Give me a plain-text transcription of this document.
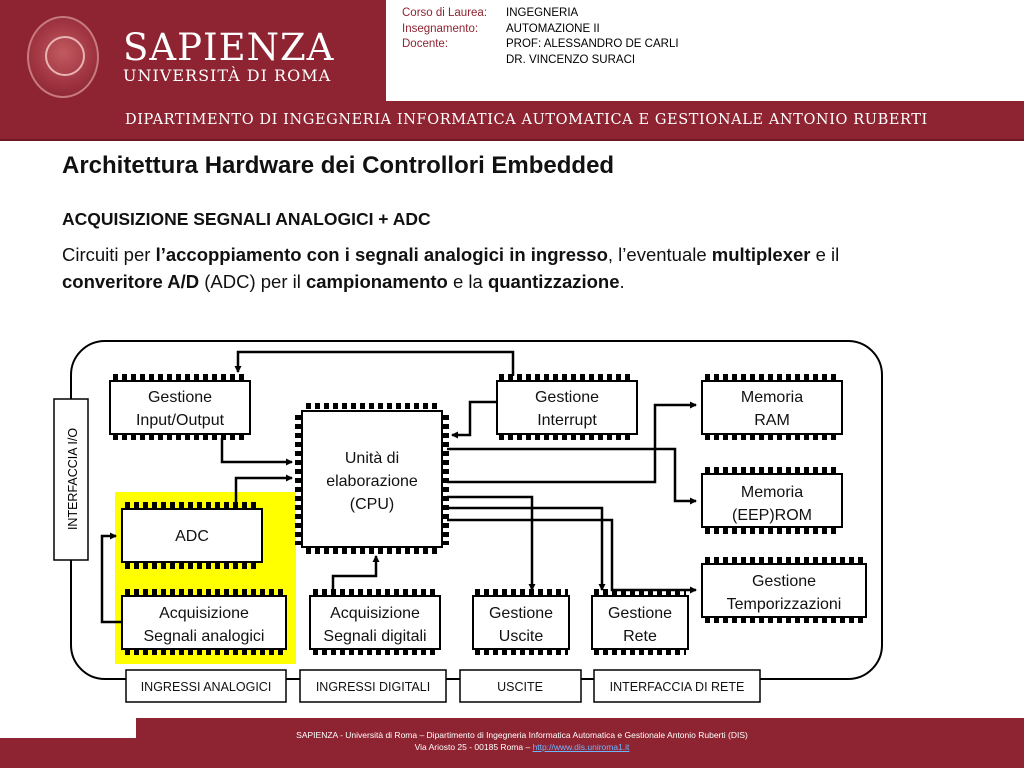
SAPIENZA
UNIVERSITÀ DI ROMA
Corso di Laurea:	INGEGNERIA
Insegnamento:	AUTOMAZIONE II
Docente:	PROF: ALESSANDRO DE CARLI
DR. VINCENZO SURACI
DIPARTIMENTO DI INGEGNERIA INFORMATICA AUTOMATICA E GESTIONALE ANTONIO RUBERTI
Architettura Hardware dei Controllori Embedded
ACQUISIZIONE SEGNALI ANALOGICI + ADC
Circuiti per l’accoppiamento con i segnali analogici in ingresso, l’eventuale multiplexer e il converitore A/D (ADC) per il campionamento e la quantizzazione.
INTERFACCIA I/O
Gestione
Input/Output
Gestione
Interrupt
Memoria
RAM
Unità di
elaborazione
(CPU)
Memoria
(EEP)ROM
ADC
Gestione
Temporizzazioni
Acquisizione
Segnali analogici
Acquisizione
Segnali digitali
Gestione
Uscite
Gestione
Rete
INGRESSI ANALOGICI	INGRESSI DIGITALI	USCITE	INTERFACCIA DI RETE
SAPIENZA - Università di Roma – Dipartimento di Ingegneria Informatica Automatica e Gestionale Antonio Ruberti (DIS)
Via Ariosto 25 - 00185 Roma – http://www.dis.uniroma1.it
